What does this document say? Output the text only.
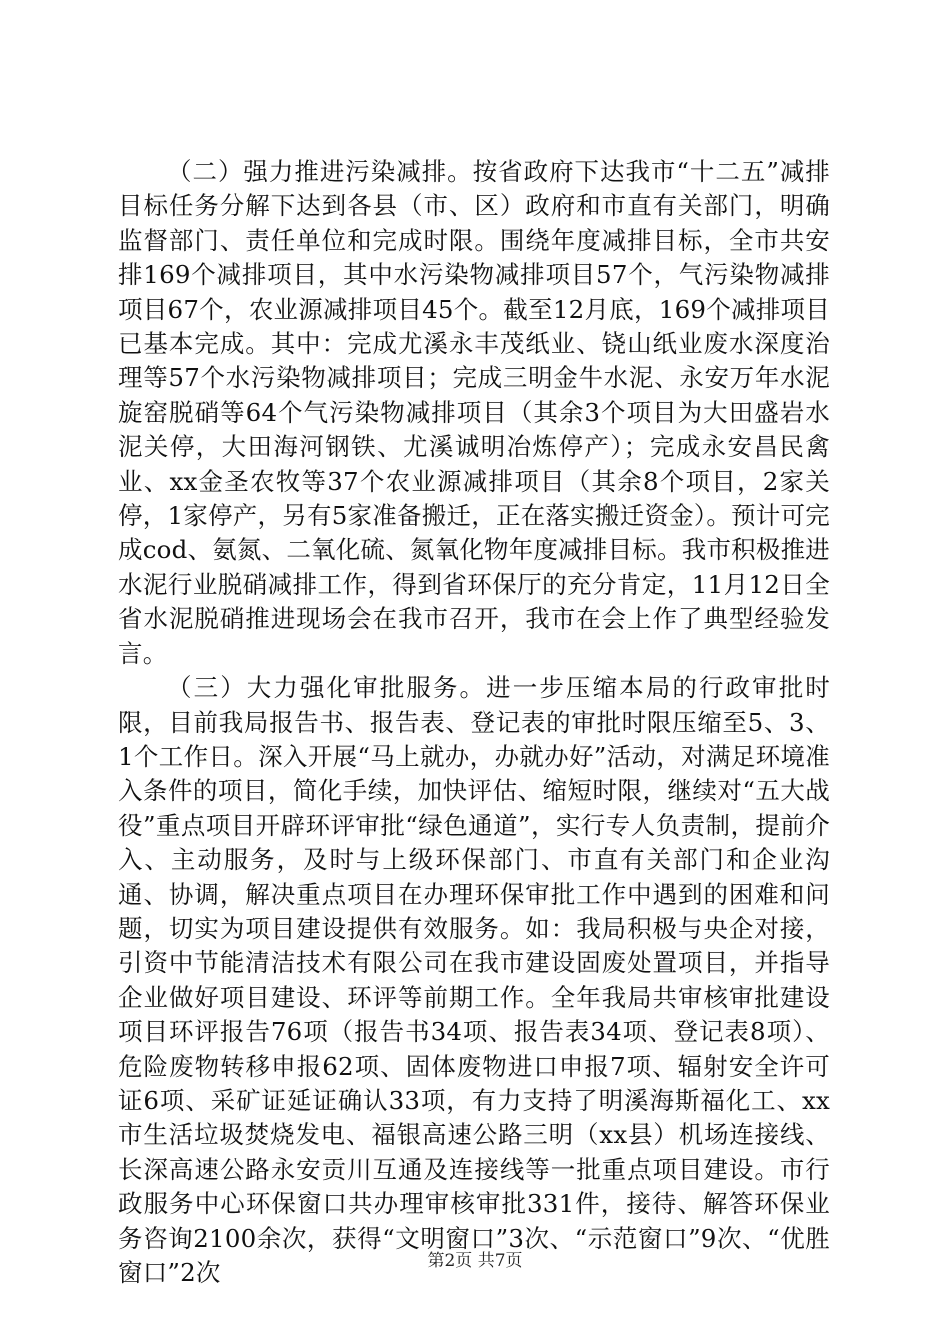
（二）强力推进污染减排。按省政府下达我市“十二五”减排目标任务分解下达到各县（市、区）政府和市直有关部门，明确监督部门、责任单位和完成时限。围绕年度减排目标，全市共安排169个减排项目，其中水污染物减排项目57个，气污染物减排项目67个，农业源减排项目45个。截至12月底，169个减排项目已基本完成。其中：完成尤溪永丰茂纸业、铙山纸业废水深度治理等57个水污染物减排项目；完成三明金牛水泥、永安万年水泥旋窑脱硝等64个气污染物减排项目（其余3个项目为大田盛岩水泥关停，大田海河钢铁、尤溪诚明冶炼停产）；完成永安昌民禽业、xx金圣农牧等37个农业源减排项目（其余8个项目，2家关停，1家停产，另有5家准备搬迁，正在落实搬迁资金）。预计可完成cod、氨氮、二氧化硫、氮氧化物年度减排目标。我市积极推进水泥行业脱硝减排工作，得到省环保厅的充分肯定，11月12日全省水泥脱硝推进现场会在我市召开，我市在会上作了典型经验发言。

（三）大力强化审批服务。进一步压缩本局的行政审批时限，目前我局报告书、报告表、登记表的审批时限压缩至5、3、1个工作日。深入开展“马上就办，办就办好”活动，对满足环境准入条件的项目，简化手续，加快评估、缩短时限，继续对“五大战役”重点项目开辟环评审批“绿色通道”，实行专人负责制，提前介入、主动服务，及时与上级环保部门、市直有关部门和企业沟通、协调，解决重点项目在办理环保审批工作中遇到的困难和问题，切实为项目建设提供有效服务。如：我局积极与央企对接，引资中节能清洁技术有限公司在我市建设固废处置项目，并指导企业做好项目建设、环评等前期工作。全年我局共审核审批建设项目环评报告76项（报告书34项、报告表34项、登记表8项）、危险废物转移申报62项、固体废物进口申报7项、辐射安全许可证6项、采矿证延证确认33项，有力支持了明溪海斯福化工、xx市生活垃圾焚烧发电、福银高速公路三明（xx县）机场连接线、长深高速公路永安贡川互通及连接线等一批重点项目建设。市行政服务中心环保窗口共办理审核审批331件，接待、解答环保业务咨询2100余次，获得“文明窗口”3次、“示范窗口”9次、“优胜窗口”2次	第2页 共7页
